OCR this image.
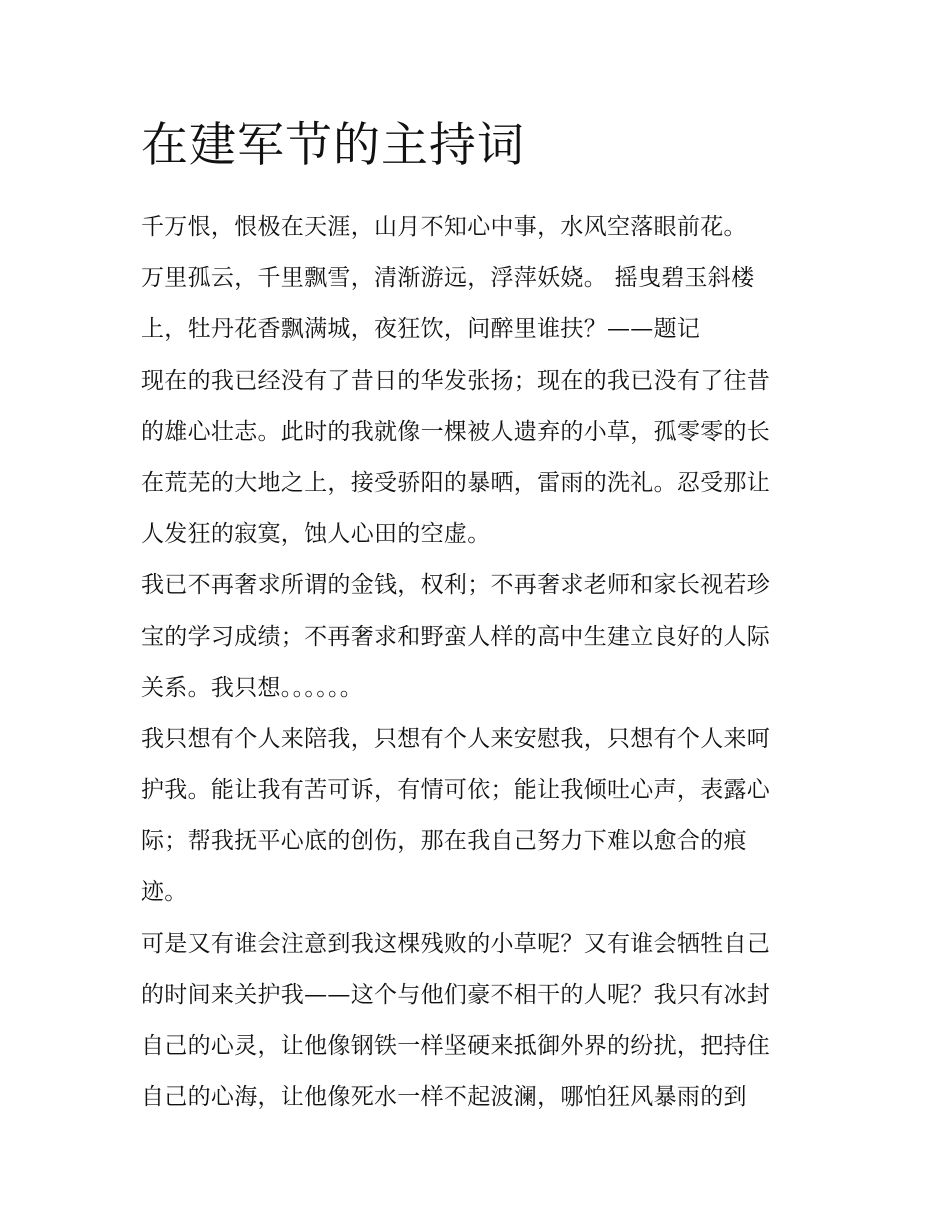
在建军节的主持词
千万恨，恨极在天涯，山月不知心中事，水风空落眼前花。
万里孤云，千里飘雪，清渐游远，浮萍妖娆。 摇曳碧玉斜楼
上，牡丹花香飘满城，夜狂饮，问醉里谁扶？——题记
现在的我已经没有了昔日的华发张扬；现在的我已没有了往昔
的雄心壮志。此时的我就像一棵被人遗弃的小草，孤零零的长
在荒芜的大地之上，接受骄阳的暴晒，雷雨的洗礼。忍受那让
人发狂的寂寞，蚀人心田的空虚。
我已不再奢求所谓的金钱，权利；不再奢求老师和家长视若珍
宝的学习成绩；不再奢求和野蛮人样的高中生建立良好的人际
关系。我只想。。。。。。
我只想有个人来陪我，只想有个人来安慰我，只想有个人来呵
护我。能让我有苦可诉，有情可依；能让我倾吐心声，表露心
际；帮我抚平心底的创伤，那在我自己努力下难以愈合的痕
迹。
可是又有谁会注意到我这棵残败的小草呢？又有谁会牺牲自己
的时间来关护我——这个与他们豪不相干的人呢？我只有冰封
自己的心灵，让他像钢铁一样坚硬来抵御外界的纷扰，把持住
自己的心海，让他像死水一样不起波澜，哪怕狂风暴雨的到
